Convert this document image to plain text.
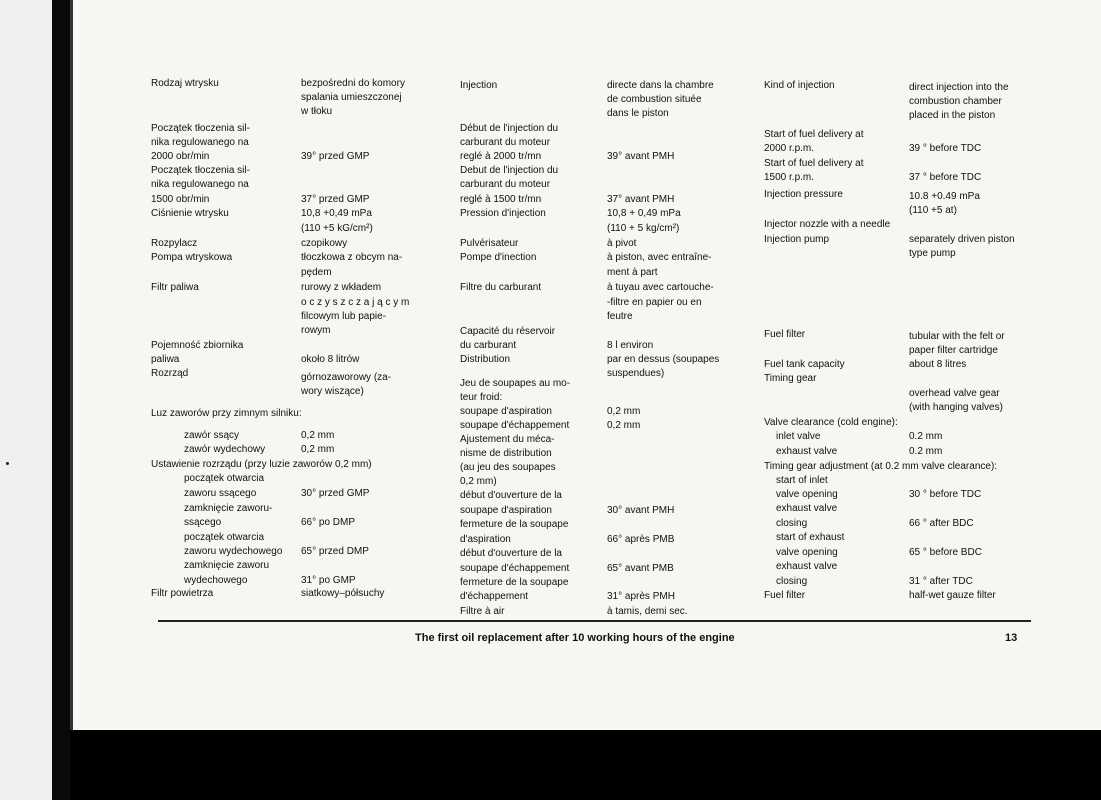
Rodzaj wtrysku
Początek tłoczenia sil-
nika regulowanego na
2000 obr/min
Początek tłoczenia sil-
nika regulowanego na
1500 obr/min
Ciśnienie wtrysku
Rozpylacz
Pompa wtryskowa
Filtr paliwa
Pojemność zbiornika
paliwa
Rozrząd
Luz zaworów przy zimnym silniku:
zawór ssący
zawór wydechowy
Ustawienie rozrządu (przy luzie zaworów 0,2 mm)
początek otwarcia
zaworu ssącego
zamknięcie zaworu-
ssącego
początek otwarcia
zaworu wydechowego
zamknięcie zaworu
wydechowego
Filtr powietrza
bezpośredni do komory
spalania umieszczonej
w tłoku
39° przed GMP
37° przed GMP
10,8 +0,49 mPa
(110 +5 kG/cm²)
czopikowy
tłoczkowa z obcym na-
pędem
rurowy z wkładem
o c z y s z c z a j ą c y m
filcowym lub papie-
rowym
około 8 litrów
górnozaworowy (za-
wory wiszące)
0,2 mm
0,2 mm
30° przed GMP
66° po DMP
65° przed DMP
31° po GMP
siatkowy–półsuchy
Injection
Début de l'injection du
carburant du moteur
reglé à 2000 tr/mn
Debut de l'injection du
carburant du moteur
reglé à 1500 tr/mn
Pression d'injection
Pulvérisateur
Pompe d'inection
Filtre du carburant
Capacité du réservoir
du carburant
Distribution
Jeu de soupapes au mo-
teur froid:
soupape d'aspiration
soupape d'échappement
Ajustement du méca-
nisme de distribution
(au jeu des soupapes
0,2 mm)
début d'ouverture de la
soupape d'aspiration
fermeture de la soupape
d'aspiration
début d'ouverture de la
soupape d'échappement
fermeture de la soupape
d'échappement
Filtre à air
directe dans la chambre
de combustion située
dans le piston
39° avant PMH
37° avant PMH
10,8 + 0,49 mPa
(110 + 5 kg/cm²)
à pivot
à piston, avec entraîne-
ment à part
à tuyau avec cartouche-
-filtre en papier ou en
feutre
8 l environ
par en dessus (soupapes
suspendues)
0,2 mm
0,2 mm
30° avant PMH
66° après PMB
65° avant PMB
31° après PMH
à tamis, demi sec.
Kind of injection
Start of fuel delivery at
2000 r.p.m.
Start of fuel delivery at
1500 r.p.m.
Injection pressure
Injector nozzle with a needle
Injection pump
Fuel filter
Fuel tank capacity
Timing gear
Valve clearance (cold engine):
inlet valve
exhaust valve
Timing gear adjustment (at 0.2 mm valve clearance):
start of inlet
valve opening
exhaust valve
closing
start of exhaust
valve opening
exhaust valve
closing
Fuel filter
direct injection into the
combustion chamber
placed in the piston
39 ° before TDC
37 ° before TDC
10.8 +0.49 mPa
(110 +5 at)
separately driven piston
type pump
tubular with the felt or
paper filter cartridge
about 8 litres
overhead valve gear
(with hanging valves)
0.2 mm
0.2 mm
30 ° before TDC
66 ° after BDC
65 ° before BDC
31 ° after TDC
half-wet gauze filter
The first oil replacement after 10 working hours of the engine	13
